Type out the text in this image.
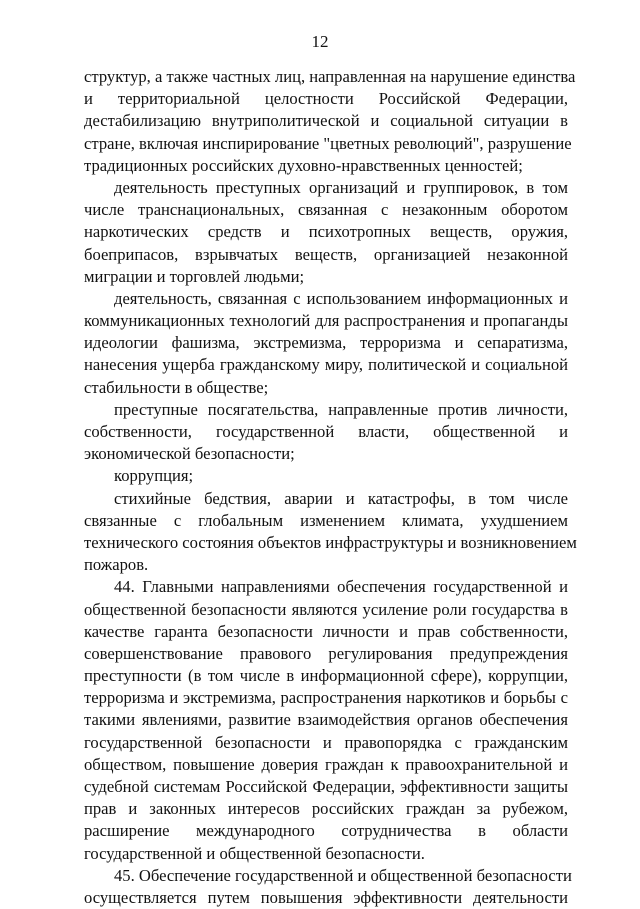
12
структур, а также частных лиц, направленная на нарушение единства
и территориальной целостности Российской Федерации,
дестабилизацию внутриполитической и социальной ситуации в
стране, включая инспирирование "цветных революций", разрушение
традиционных российских духовно-нравственных ценностей;
деятельность преступных организаций и группировок, в том
числе транснациональных, связанная с незаконным оборотом
наркотических средств и психотропных веществ, оружия,
боеприпасов, взрывчатых веществ, организацией незаконной
миграции и торговлей людьми;
деятельность, связанная с использованием информационных и
коммуникационных технологий для распространения и пропаганды
идеологии фашизма, экстремизма, терроризма и сепаратизма,
нанесения ущерба гражданскому миру, политической и социальной
стабильности в обществе;
преступные посягательства, направленные против личности,
собственности, государственной власти, общественной и
экономической безопасности;
коррупция;
стихийные бедствия, аварии и катастрофы, в том числе
связанные с глобальным изменением климата, ухудшением
технического состояния объектов инфраструктуры и возникновением
пожаров.
44. Главными направлениями обеспечения государственной и
общественной безопасности являются усиление роли государства в
качестве гаранта безопасности личности и прав собственности,
совершенствование правового регулирования предупреждения
преступности (в том числе в информационной сфере), коррупции,
терроризма и экстремизма, распространения наркотиков и борьбы с
такими явлениями, развитие взаимодействия органов обеспечения
государственной безопасности и правопорядка с гражданским
обществом, повышение доверия граждан к правоохранительной и
судебной системам Российской Федерации, эффективности защиты
прав и законных интересов российских граждан за рубежом,
расширение международного сотрудничества в области
государственной и общественной безопасности.
45. Обеспечение государственной и общественной безопасности
осуществляется путем повышения эффективности деятельности
